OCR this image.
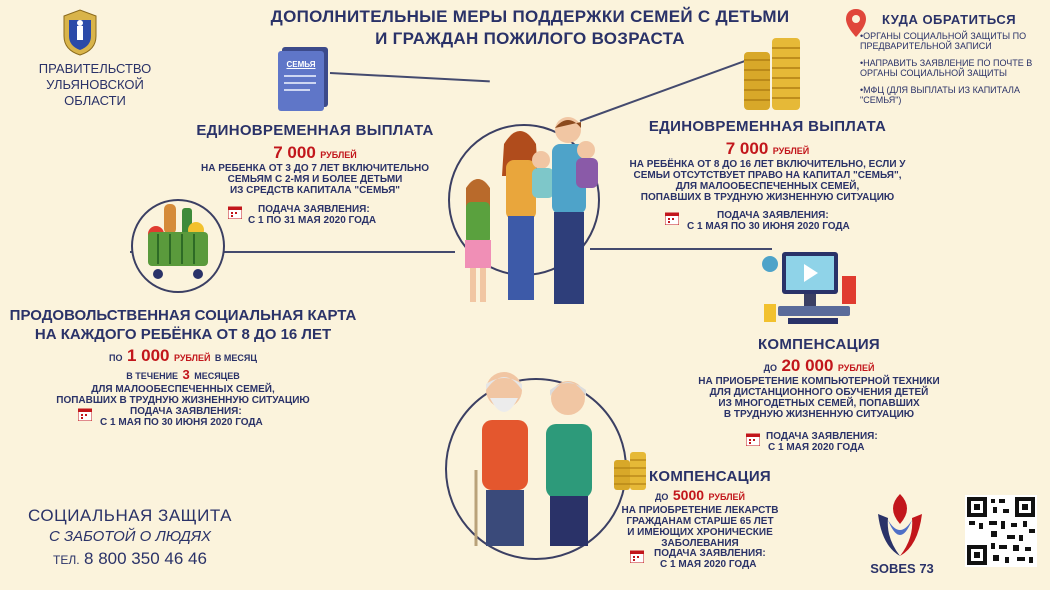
ПРАВИТЕЛЬСТВО
УЛЬЯНОВСКОЙ ОБЛАСТИ
ДОПОЛНИТЕЛЬНЫЕ МЕРЫ ПОДДЕРЖКИ СЕМЕЙ С ДЕТЬМИ
И ГРАЖДАН ПОЖИЛОГО ВОЗРАСТА
КУДА ОБРАТИТЬСЯ
•ОРГАНЫ СОЦИАЛЬНОЙ ЗАЩИТЫ ПО ПРЕДВАРИТЕЛЬНОЙ ЗАПИСИ
•НАПРАВИТЬ ЗАЯВЛЕНИЕ ПО ПОЧТЕ В ОРГАНЫ СОЦИАЛЬНОЙ ЗАЩИТЫ
•МФЦ (ДЛЯ ВЫПЛАТЫ ИЗ КАПИТАЛА "СЕМЬЯ")
СЕМЬЯ
ЕДИНОВРЕМЕННАЯ ВЫПЛАТА
7 000 РУБЛЕЙ
НА РЕБЕНКА ОТ 3 ДО 7 ЛЕТ ВКЛЮЧИТЕЛЬНО
СЕМЬЯМ С 2-МЯ И БОЛЕЕ ДЕТЬМИ
ИЗ СРЕДСТВ КАПИТАЛА "СЕМЬЯ"
ПОДАЧА ЗАЯВЛЕНИЯ:
С 1 ПО 31 МАЯ 2020 ГОДА
ЕДИНОВРЕМЕННАЯ ВЫПЛАТА
7 000 РУБЛЕЙ
НА РЕБЁНКА ОТ 8 ДО 16 ЛЕТ ВКЛЮЧИТЕЛЬНО, ЕСЛИ У
СЕМЬИ ОТСУТСТВУЕТ ПРАВО НА КАПИТАЛ "СЕМЬЯ",
ДЛЯ МАЛООБЕСПЕЧЕННЫХ СЕМЕЙ,
ПОПАВШИХ В ТРУДНУЮ ЖИЗНЕННУЮ СИТУАЦИЮ
ПОДАЧА ЗАЯВЛЕНИЯ:
С 1 МАЯ ПО 30 ИЮНЯ 2020 ГОДА
ПРОДОВОЛЬСТВЕННАЯ СОЦИАЛЬНАЯ КАРТА
НА КАЖДОГО РЕБЁНКА ОТ 8 ДО 16 ЛЕТ
ПО 1 000 РУБЛЕЙ В МЕСЯЦ
В ТЕЧЕНИЕ 3 МЕСЯЦЕВ
ДЛЯ МАЛООБЕСПЕЧЕННЫХ СЕМЕЙ,
ПОПАВШИХ В ТРУДНУЮ ЖИЗНЕННУЮ СИТУАЦИЮ
ПОДАЧА ЗАЯВЛЕНИЯ:
С 1 МАЯ ПО 30 ИЮНЯ 2020 ГОДА
КОМПЕНСАЦИЯ
ДО 20 000 РУБЛЕЙ
НА ПРИОБРЕТЕНИЕ КОМПЬЮТЕРНОЙ ТЕХНИКИ
ДЛЯ ДИСТАНЦИОННОГО ОБУЧЕНИЯ ДЕТЕЙ
ИЗ МНОГОДЕТНЫХ СЕМЕЙ, ПОПАВШИХ
В ТРУДНУЮ ЖИЗНЕННУЮ СИТУАЦИЮ
ПОДАЧА ЗАЯВЛЕНИЯ:
С 1 МАЯ 2020 ГОДА
КОМПЕНСАЦИЯ
ДО 5000 РУБЛЕЙ
НА ПРИОБРЕТЕНИЕ ЛЕКАРСТВ
ГРАЖДАНАМ СТАРШЕ 65 ЛЕТ
И ИМЕЮЩИХ ХРОНИЧЕСКИЕ ЗАБОЛЕВАНИЯ
ПОДАЧА ЗАЯВЛЕНИЯ:
С 1 МАЯ 2020 ГОДА
СОЦИАЛЬНАЯ ЗАЩИТА
С ЗАБОТОЙ О ЛЮДЯХ
ТЕЛ. 8 800 350 46 46
SOBES 73
